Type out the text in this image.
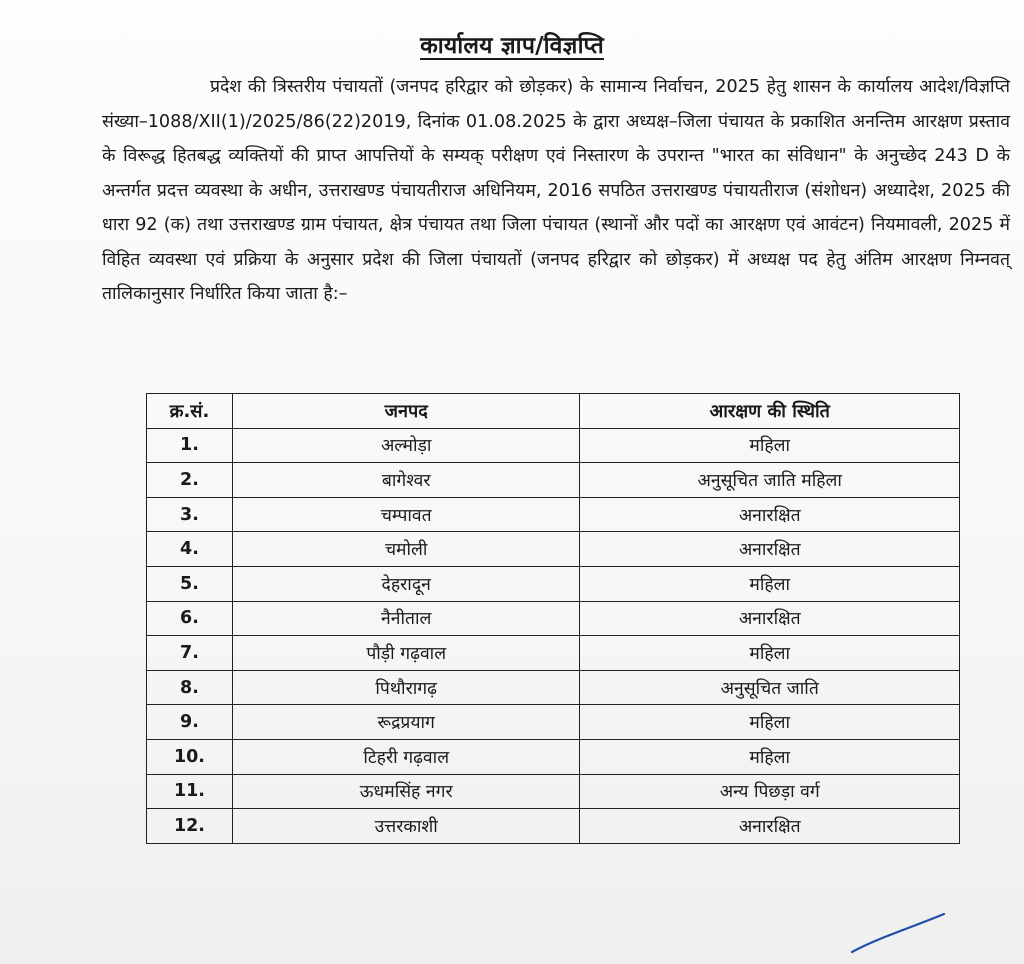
कार्यालय ज्ञाप/विज्ञप्ति

प्रदेश की त्रिस्तरीय पंचायतों (जनपद हरिद्वार को छोड़कर) के सामान्य निर्वाचन, 2025 हेतु शासन के कार्यालय आदेश/विज्ञप्ति संख्या–1088/XII(1)/2025/86(22)2019, दिनांक 01.08.2025 के द्वारा अध्यक्ष–जिला पंचायत के प्रकाशित अनन्तिम आरक्षण प्रस्ताव के विरूद्ध हितबद्ध व्यक्तियों की प्राप्त आपत्तियों के सम्यक् परीक्षण एवं निस्तारण के उपरान्त "भारत का संविधान" के अनुच्छेद 243 D के अन्तर्गत प्रदत्त व्यवस्था के अधीन, उत्तराखण्ड पंचायतीराज अधिनियम, 2016 सपठित उत्तराखण्ड पंचायतीराज (संशोधन) अध्यादेश, 2025 की धारा 92 (क) तथा उत्तराखण्ड ग्राम पंचायत, क्षेत्र पंचायत तथा जिला पंचायत (स्थानों और पदों का आरक्षण एवं आवंटन) नियमावली, 2025 में विहित व्यवस्था एवं प्रक्रिया के अनुसार प्रदेश की जिला पंचायतों (जनपद हरिद्वार को छोड़कर) में अध्यक्ष पद हेतु अंतिम आरक्षण निम्नवत् तालिकानुसार निर्धारित किया जाता है:–

क्र.सं.	जनपद	आरक्षण की स्थिति
1.	अल्मोड़ा	महिला
2.	बागेश्वर	अनुसूचित जाति महिला
3.	चम्पावत	अनारक्षित
4.	चमोली	अनारक्षित
5.	देहरादून	महिला
6.	नैनीताल	अनारक्षित
7.	पौड़ी गढ़वाल	महिला
8.	पिथौरागढ़	अनुसूचित जाति
9.	रूद्रप्रयाग	महिला
10.	टिहरी गढ़वाल	महिला
11.	ऊधमसिंह नगर	अन्य पिछड़ा वर्ग
12.	उत्तरकाशी	अनारक्षित
